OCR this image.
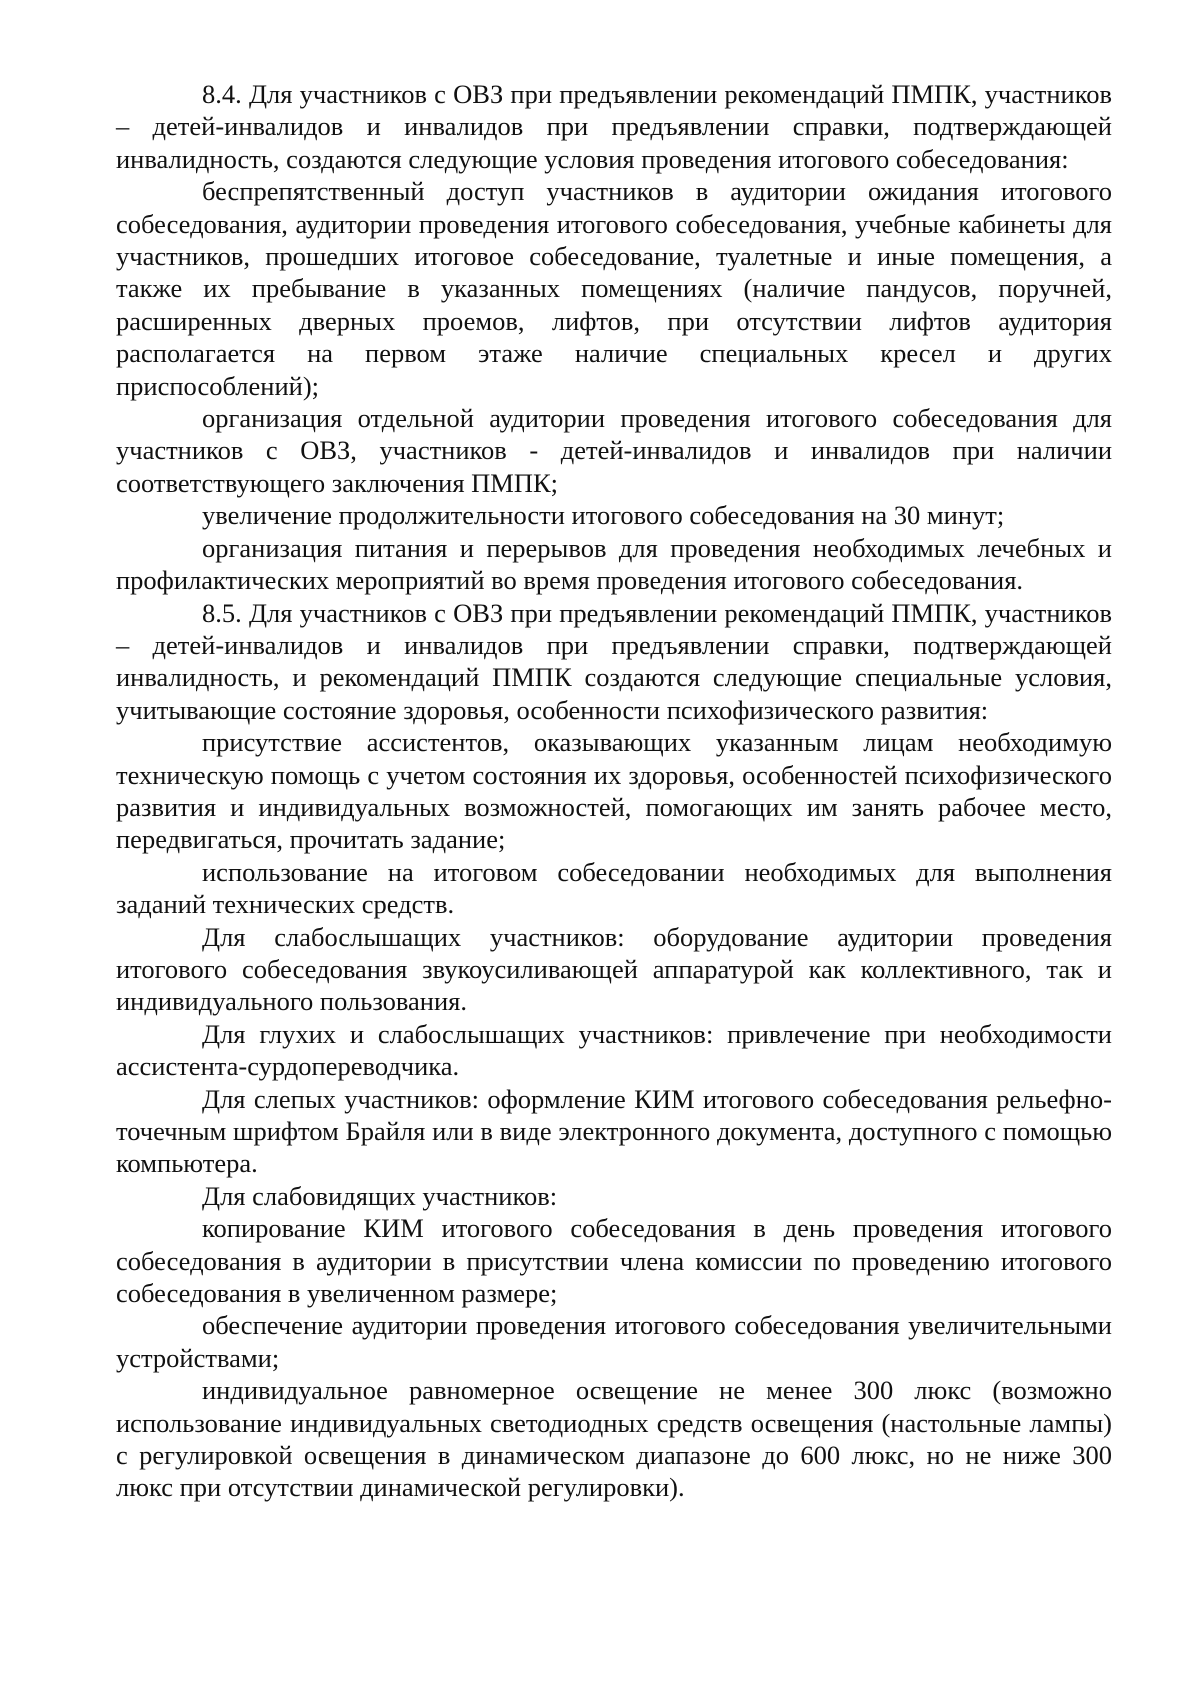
8.4. Для участников с ОВЗ при предъявлении рекомендаций ПМПК, участников – детей-инвалидов и инвалидов при предъявлении справки, подтверждающей инвалидность, создаются следующие условия проведения итогового собеседования:

беспрепятственный доступ участников в аудитории ожидания итогового собеседования, аудитории проведения итогового собеседования, учебные кабинеты для участников, прошедших итоговое собеседование, туалетные и иные помещения, а также их пребывание в указанных помещениях (наличие пандусов, поручней, расширенных дверных проемов, лифтов, при отсутствии лифтов аудитория располагается на первом этаже наличие специальных кресел и других приспособлений);

организация отдельной аудитории проведения итогового собеседования для участников с ОВЗ, участников - детей-инвалидов и инвалидов при наличии соответствующего заключения ПМПК;

увеличение продолжительности итогового собеседования на 30 минут;

организация питания и перерывов для проведения необходимых лечебных и профилактических мероприятий во время проведения итогового собеседования.

8.5. Для участников с ОВЗ при предъявлении рекомендаций ПМПК, участников – детей-инвалидов и инвалидов при предъявлении справки, подтверждающей инвалидность, и рекомендаций ПМПК создаются следующие специальные условия, учитывающие состояние здоровья, особенности психофизического развития:

присутствие ассистентов, оказывающих указанным лицам необходимую техническую помощь с учетом состояния их здоровья, особенностей психофизического развития и индивидуальных возможностей, помогающих им занять рабочее место, передвигаться, прочитать задание;

использование на итоговом собеседовании необходимых для выполнения заданий технических средств.

Для слабослышащих участников: оборудование аудитории проведения итогового собеседования звукоусиливающей аппаратурой как коллективного, так и индивидуального пользования.

Для глухих и слабослышащих участников: привлечение при необходимости ассистента-сурдопереводчика.

Для слепых участников: оформление КИМ итогового собеседования рельефно-точечным шрифтом Брайля или в виде электронного документа, доступного с помощью компьютера.

Для слабовидящих участников:

копирование КИМ итогового собеседования в день проведения итогового собеседования в аудитории в присутствии члена комиссии по проведению итогового собеседования в увеличенном размере;

обеспечение аудитории проведения итогового собеседования увеличительными устройствами;

индивидуальное равномерное освещение не менее 300 люкс (возможно использование индивидуальных светодиодных средств освещения (настольные лампы) с регулировкой освещения в динамическом диапазоне до 600 люкс, но не ниже 300 люкс при отсутствии динамической регулировки).
